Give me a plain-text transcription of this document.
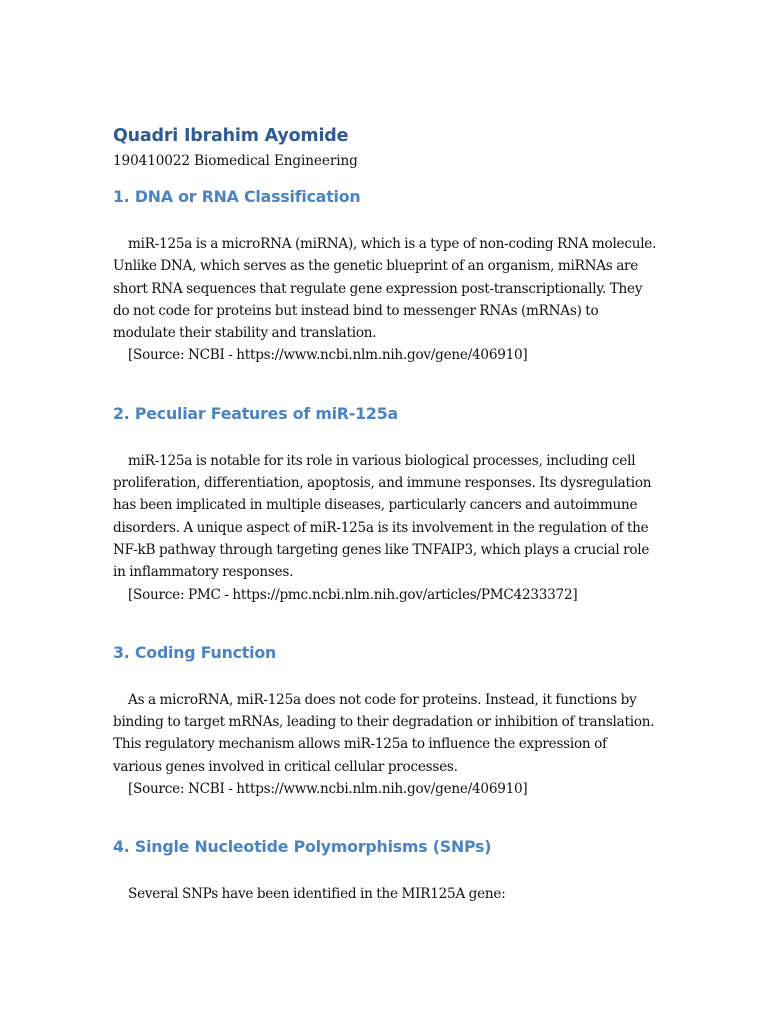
Quadri Ibrahim Ayomide

190410022 Biomedical Engineering

1. DNA or RNA Classification

miR-125a is a microRNA (miRNA), which is a type of non-coding RNA molecule. Unlike DNA, which serves as the genetic blueprint of an organism, miRNAs are short RNA sequences that regulate gene expression post-transcriptionally. They do not code for proteins but instead bind to messenger RNAs (mRNAs) to modulate their stability and translation.

[Source: NCBI - https://www.ncbi.nlm.nih.gov/gene/406910]

2. Peculiar Features of miR-125a

miR-125a is notable for its role in various biological processes, including cell proliferation, differentiation, apoptosis, and immune responses. Its dysregulation has been implicated in multiple diseases, particularly cancers and autoimmune disorders. A unique aspect of miR-125a is its involvement in the regulation of the NF-kB pathway through targeting genes like TNFAIP3, which plays a crucial role in inflammatory responses.

[Source: PMC - https://pmc.ncbi.nlm.nih.gov/articles/PMC4233372]

3. Coding Function

As a microRNA, miR-125a does not code for proteins. Instead, it functions by binding to target mRNAs, leading to their degradation or inhibition of translation. This regulatory mechanism allows miR-125a to influence the expression of various genes involved in critical cellular processes.

[Source: NCBI - https://www.ncbi.nlm.nih.gov/gene/406910]

4. Single Nucleotide Polymorphisms (SNPs)

Several SNPs have been identified in the MIR125A gene:
